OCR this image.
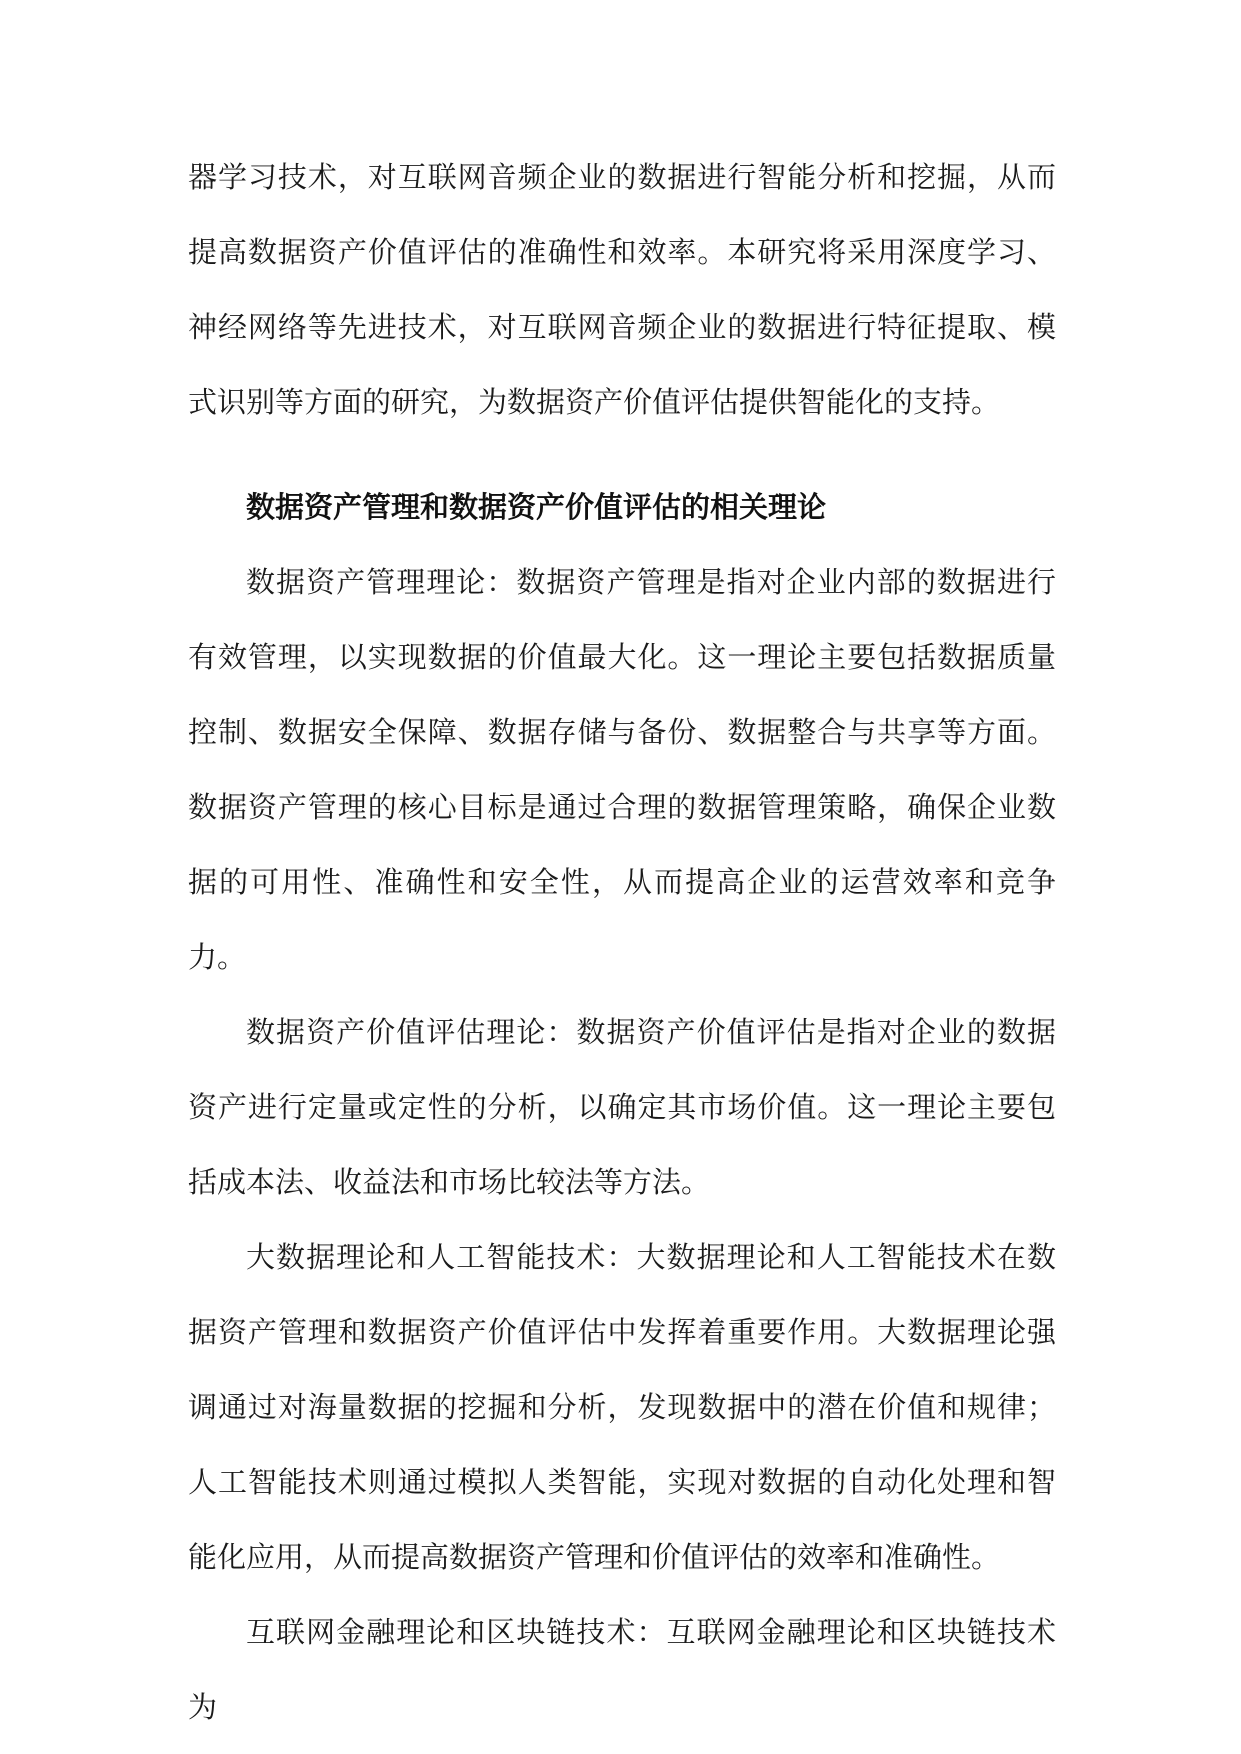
器学习技术，对互联网音频企业的数据进行智能分析和挖掘，从而提高数据资产价值评估的准确性和效率。本研究将采用深度学习、神经网络等先进技术，对互联网音频企业的数据进行特征提取、模式识别等方面的研究，为数据资产价值评估提供智能化的支持。

数据资产管理和数据资产价值评估的相关理论

数据资产管理理论：数据资产管理是指对企业内部的数据进行有效管理，以实现数据的价值最大化。这一理论主要包括数据质量控制、数据安全保障、数据存储与备份、数据整合与共享等方面。数据资产管理的核心目标是通过合理的数据管理策略，确保企业数据的可用性、准确性和安全性，从而提高企业的运营效率和竞争力。

数据资产价值评估理论：数据资产价值评估是指对企业的数据资产进行定量或定性的分析，以确定其市场价值。这一理论主要包括成本法、收益法和市场比较法等方法。

大数据理论和人工智能技术：大数据理论和人工智能技术在数据资产管理和数据资产价值评估中发挥着重要作用。大数据理论强调通过对海量数据的挖掘和分析，发现数据中的潜在价值和规律；人工智能技术则通过模拟人类智能，实现对数据的自动化处理和智能化应用，从而提高数据资产管理和价值评估的效率和准确性。

互联网金融理论和区块链技术：互联网金融理论和区块链技术为
